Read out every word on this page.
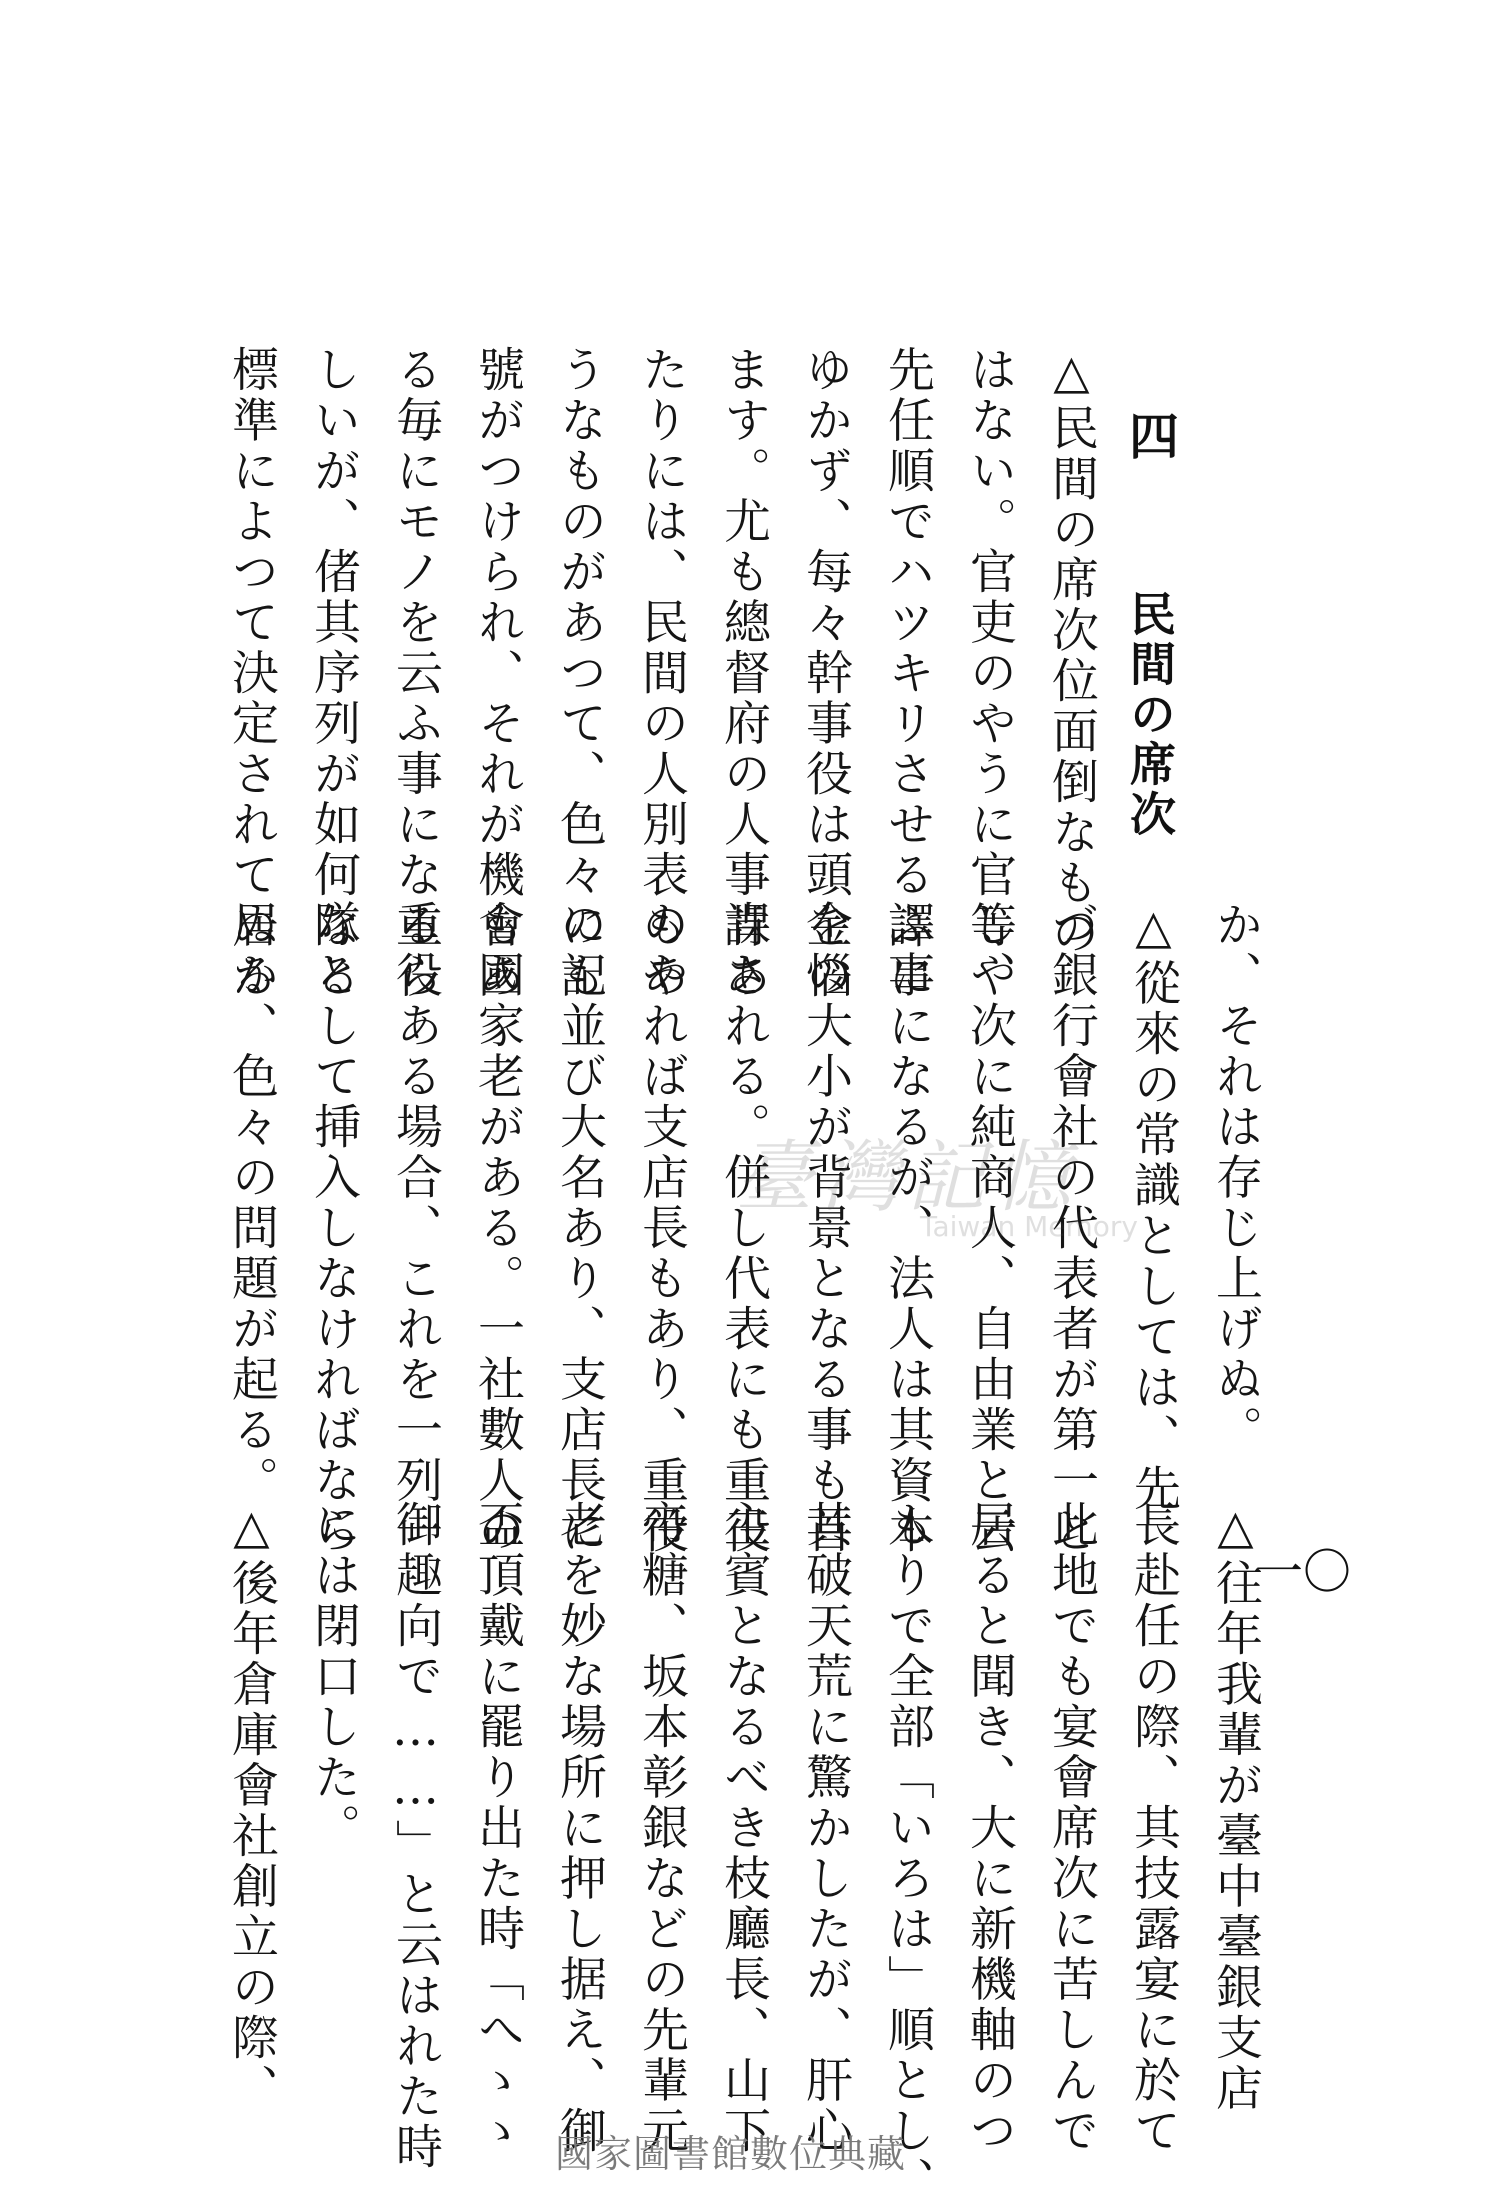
一〇
四 民間の席次
△民間の席次位面倒なもの
はない。官吏のやうに官等や
先任順でハツキリさせる譯に
ゆかず、每々幹事役は頭を惱
ます。尤も總督府の人事課あ
たりには、民間の人別表のや
うなものがあつて、色々の記
號がつけられ、それが機會あ
る毎にモノを云ふ事になるら
しいが、偖其序列が如何なる
標準によつて決定されて居る
か、それは存じ上げぬ。
△從來の常識としては、先
づ銀行會社の代表者が第一と
し、次に純商人、自由業と云
ふ事になるが、法人は其資本
金の大小が背景となる事も首
肯される。併し代表にも重役
もあれば支店長もあり、重役
にも並び大名あり、支店長に
も國家老がある。一社數人の
重役ある場合、これを一列一
隊として挿入しなければなら
ぬか、色々の問題が起る。
△往年我輩が臺中臺銀支店
長赴任の際、其技露宴に於て
此地でも宴會席次に苦しんで
居ると聞き、大に新機軸のつ
もりで全部「いろは」順とし、
其破天荒に驚かしたが、肝心
主賓となるべき枝廳長、山下
帝糖、坂本彰銀などの先輩元
老を妙な場所に押し据え、御
盃頂戴に罷り出た時「へゝゝ
御趣向で……」と云はれた時
には閉口した。
△後年倉庫會社創立の際、
臺灣記憶
Taiwan Memory
國家圖書館數位典藏
